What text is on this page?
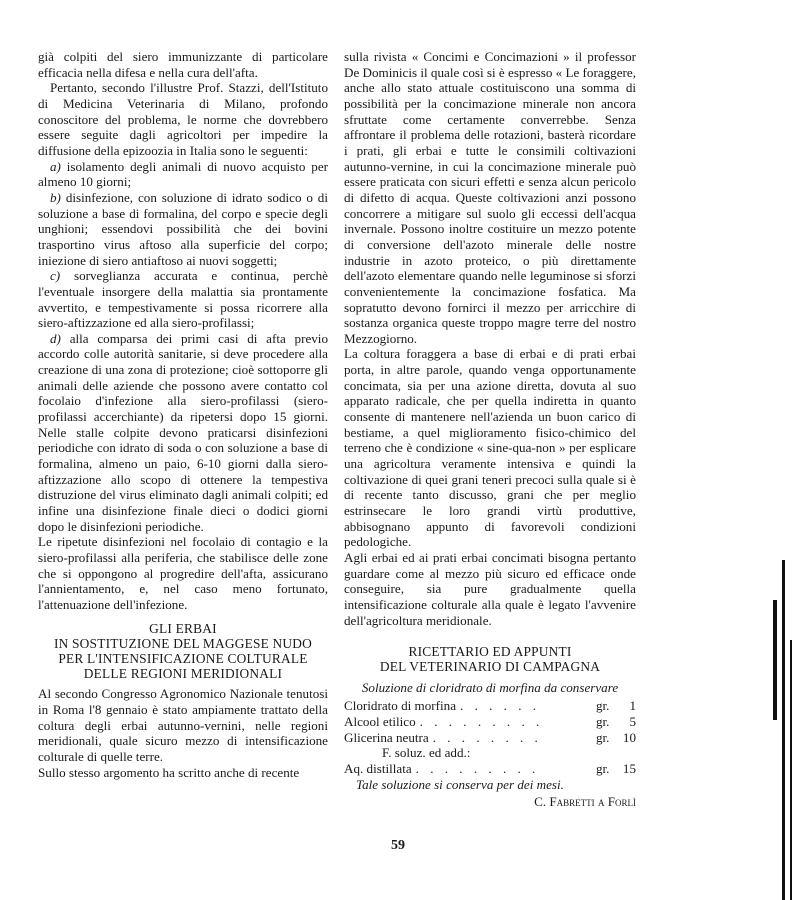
già colpiti del siero immunizzante di particolare efficacia nella difesa e nella cura dell'afta.

Pertanto, secondo l'illustre Prof. Stazzi, dell'Istituto di Medicina Veterinaria di Milano, profondo conoscitore del problema, le norme che dovrebbero essere seguite dagli agricoltori per impedire la diffusione della epizoozia in Italia sono le seguenti:

a) isolamento degli animali di nuovo acquisto per almeno 10 giorni;

b) disinfezione, con soluzione di idrato sodico o di soluzione a base di formalina, del corpo e specie degli unghioni; essendovi possibilità che dei bovini trasportino virus aftoso alla superficie del corpo; iniezione di siero antiaftoso ai nuovi soggetti;

c) sorveglianza accurata e continua, perchè l'eventuale insorgere della malattia sia prontamente avvertito, e tempestivamente si possa ricorrere alla siero-aftizzazione ed alla siero-profilassi;

d) alla comparsa dei primi casi di afta previo accordo colle autorità sanitarie, si deve procedere alla creazione di una zona di protezione; cioè sottoporre gli animali delle aziende che possono avere contatto col focolaio d'infezione alla siero-profilassi (siero-profilassi accerchiante) da ripetersi dopo 15 giorni. Nelle stalle colpite devono praticarsi disinfezioni periodiche con idrato di soda o con soluzione a base di formalina, almeno un paio, 6-10 giorni dalla siero-aftizzazione allo scopo di ottenere la tempestiva distruzione del virus eliminato dagli animali colpiti; ed infine una disinfezione finale dieci o dodici giorni dopo le disinfezioni periodiche.

Le ripetute disinfezioni nel focolaio di contagio e la siero-profilassi alla periferia, che stabilisce delle zone che si oppongono al progredire dell'afta, assicurano l'annientamento, e, nel caso meno fortunato, l'attenuazione dell'infezione.

GLI ERBAI
IN SOSTITUZIONE DEL MAGGESE NUDO
PER L'INTENSIFICAZIONE COLTURALE
DELLE REGIONI MERIDIONALI

Al secondo Congresso Agronomico Nazionale tenutosi in Roma l'8 gennaio è stato ampiamente trattato della coltura degli erbai autunno-vernini, nelle regioni meridionali, quale sicuro mezzo di intensificazione colturale di quelle terre.

Sullo stesso argomento ha scritto anche di recente

sulla rivista « Concimi e Concimazioni » il professor De Dominicis il quale così si è espresso « Le foraggere, anche allo stato attuale costituiscono una somma di possibilità per la concimazione minerale non ancora sfruttate come certamente converrebbe. Senza affrontare il problema delle rotazioni, basterà ricordare i prati, gli erbai e tutte le consimili coltivazioni autunno-vernine, in cui la concimazione minerale può essere praticata con sicuri effetti e senza alcun pericolo di difetto di acqua. Queste coltivazioni anzi possono concorrere a mitigare sul suolo gli eccessi dell'acqua invernale. Possono inoltre costituire un mezzo potente di conversione dell'azoto minerale delle nostre industrie in azoto proteico, o più direttamente dell'azoto elementare quando nelle leguminose si sforzi convenientemente la concimazione fosfatica. Ma sopratutto devono fornirci il mezzo per arricchire di sostanza organica queste troppo magre terre del nostro Mezzogiorno.

La coltura foraggera a base di erbai e di prati erbai porta, in altre parole, quando venga opportunamente concimata, sia per una azione diretta, dovuta al suo apparato radicale, che per quella indiretta in quanto consente di mantenere nell'azienda un buon carico di bestiame, a quel miglioramento fisico-chimico del terreno che è condizione « sine-qua-non » per esplicare una agricoltura veramente intensiva e quindi la coltivazione di quei grani teneri precoci sulla quale si è di recente tanto discusso, grani che per meglio estrinsecare le loro grandi virtù produttive, abbisognano appunto di favorevoli condizioni pedologiche.

Agli erbai ed ai prati erbai concimati bisogna pertanto guardare come al mezzo più sicuro ed efficace onde conseguire, sia pure gradualmente quella intensificazione colturale alla quale è legato l'avvenire dell'agricoltura meridionale.

RICETTARIO ED APPUNTI
DEL VETERINARIO DI CAMPAGNA
Soluzione di cloridrato di morfina da conservare
Cloridrato di morfina . . . . . .	gr.	1
Alcool etilico . . . . . . . . .	gr.	5
Glicerina neutra . . . . . . . .	gr.	10
F. soluz. ed add.:
Aq. distillata . . . . . . . . .	gr.	15
Tale soluzione si conserva per dei mesi.
C. Fabretti a Forlì
59
